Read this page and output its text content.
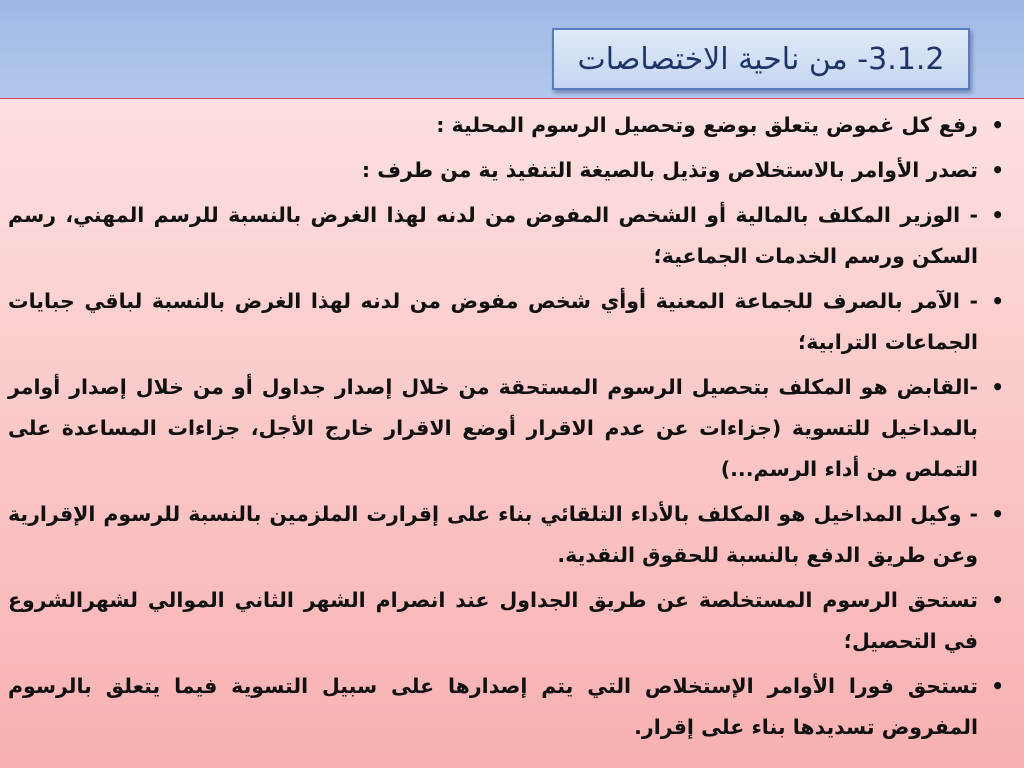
3.1.2- من ناحية الاختصاصات
•
رفع كل غموض يتعلق بوضع وتحصيل الرسوم المحلية :
•
تصدر الأوامر بالاستخلاص وتذيل بالصيغة التنفيذ ية من طرف :
•
- الوزير المكلف بالمالية أو الشخص المفوض من لدنه لهذا الغرض بالنسبة للرسم المهني، رسم السكن ورسم الخدمات الجماعية؛
•
- الآمر بالصرف للجماعة المعنية أوأي شخص مفوض من لدنه لهذا الغرض بالنسبة لباقي جبايات الجماعات الترابية؛
•
-القابض هو المكلف بتحصيل الرسوم المستحقة من خلال إصدار جداول أو من خلال إصدار أوامر بالمداخيل للتسوية (جزاءات عن عدم الاقرار أوضع الاقرار خارج الأجل، جزاءات المساعدة على التملص من أداء الرسم...)
•
- وكيل المداخيل هو المكلف بالأداء التلقائي بناء على إقرارت الملزمين بالنسبة للرسوم الإقرارية وعن طريق الدفع بالنسبة للحقوق النقدية.
•
تستحق الرسوم المستخلصة عن طريق الجداول عند انصرام الشهر الثاني الموالي لشهرالشروع في التحصيل؛
•
تستحق فورا الأوامر الإستخلاص التي يتم إصدارها على سبيل التسوية فيما يتعلق بالرسوم المفروض تسديدها بناء على إقرار.
